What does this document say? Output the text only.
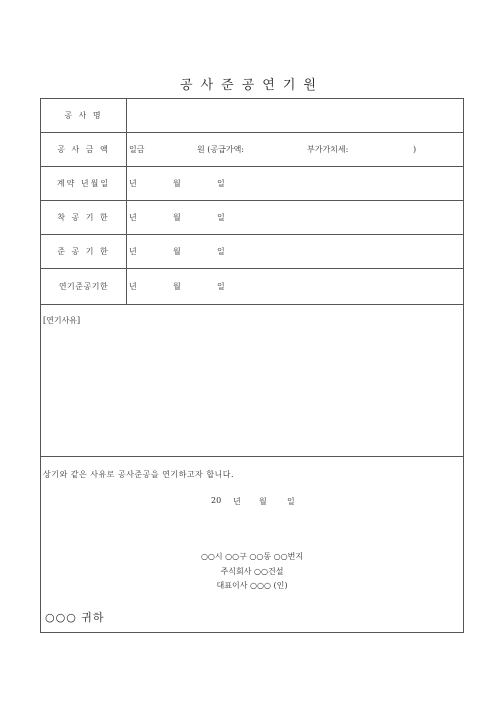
공사준공연기원
공 사 명
공 사 금 액	일금	원 (공급가액:	부가가치세:	)
계약 년월일	년	월	일
착 공 기 한	년	월	일
준 공 기 한	년	월	일
연기준공기한	년	월	일
[연기사유]
상기와 같은 사유로 공사준공을 연기하고자 합니다.
20 년 월	일
○○시 ○○구 ○○동 ○○번지
주식회사 ○○건설
대표이사 ○○○ (인)
○○○ 귀하
